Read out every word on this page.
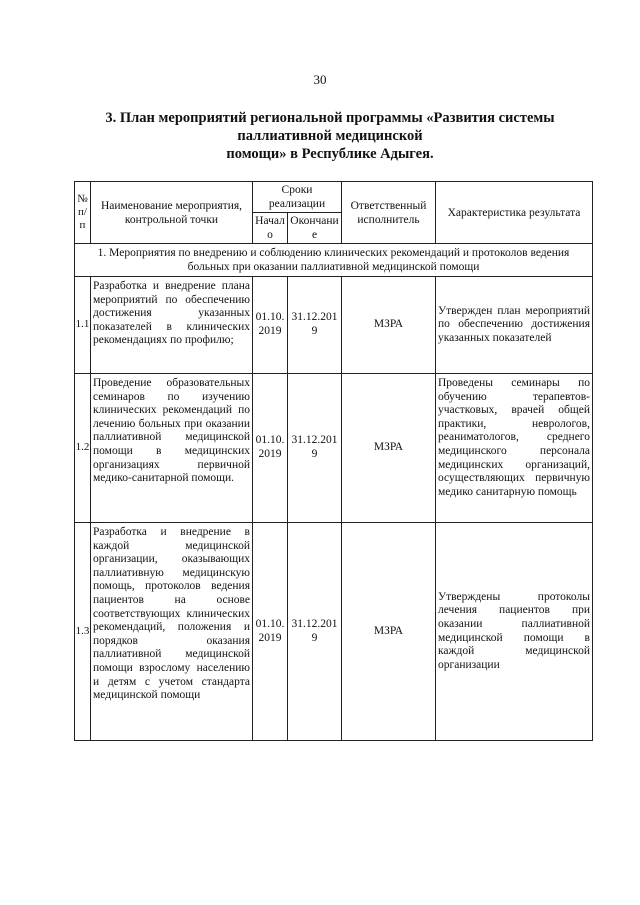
30
3. План мероприятий региональной программы «Развития системы
паллиативной медицинской
помощи» в Республике Адыгея.
№ п/ п	Наименование мероприятия, контрольной точки	Сроки реализации		Ответственный исполнитель	Характеристика результата
		Начал о	Окончани е		
1. Мероприятия по внедрению и соблюдению клинических рекомендаций и протоколов ведения больных при оказании паллиативной медицинской помощи					
1.1	Разработка и внедрение плана мероприятий по обеспечению достижения указанных показателей в клинических рекомендациях по профилю;	01.10. 2019	31.12.201 9	МЗРА	Утвержден план мероприятий по обеспечению достижения указанных показателей
1.2	Проведение образовательных семинаров по изучению клинических рекомендаций по лечению больных при оказании паллиативной медицинской помощи в медицинских организациях первичной медико-санитарной помощи.	01.10. 2019	31.12.201 9	МЗРА	Проведены семинары по обучению терапевтов-участковых, врачей общей практики, неврологов, реаниматологов, среднего медицинского персонала медицинских организаций, осуществляющих первичную медико санитарную помощь
1.3	Разработка и внедрение в каждой медицинской организации, оказывающих паллиативную медицинскую помощь, протоколов ведения пациентов на основе соответствующих клинических рекомендаций, положения и порядков оказания паллиативной медицинской помощи взрослому населению и детям с учетом стандарта медицинской помощи	01.10. 2019	31.12.201 9	МЗРА	Утверждены протоколы лечения пациентов при оказании паллиативной медицинской помощи в каждой медицинской организации
